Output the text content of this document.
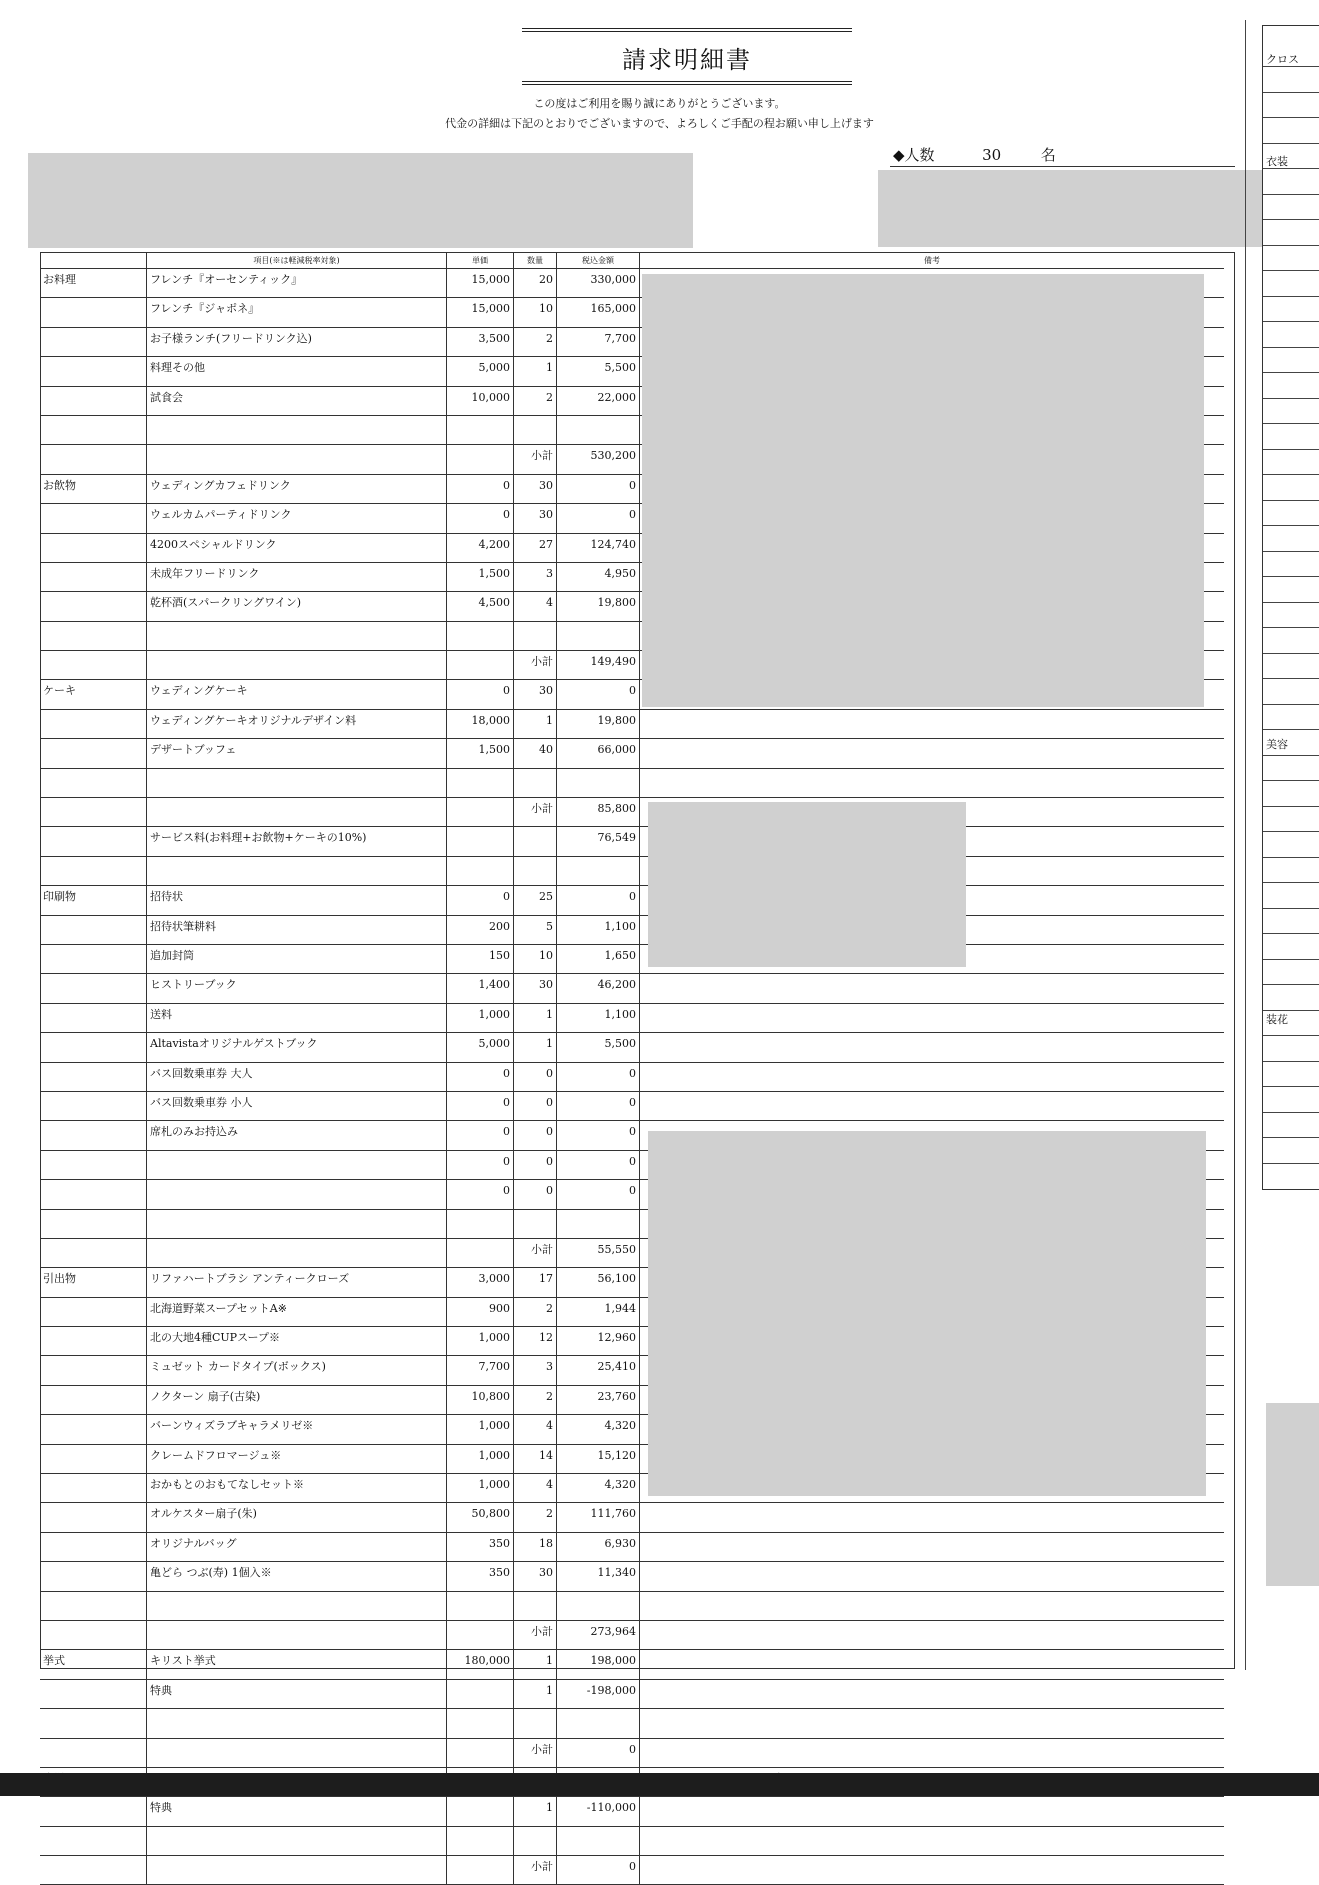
請求明細書
この度はご利用を賜り誠にありがとうございます。
代金の詳細は下記のとおりでございますので、よろしくご手配の程お願い申し上げます
◆人数	30	名
	項目(※は軽減税率対象)	単価	数量	税込金額	備考
お料理	フレンチ『オーセンティック』	15,000	20	330,000	
	フレンチ『ジャポネ』	15,000	10	165,000	
	お子様ランチ(フリードリンク込)	3,500	2	7,700	
	料理その他	5,000	1	5,500	
	試食会	10,000	2	22,000	

			小計	530,200	
お飲物	ウェディングカフェドリンク	0	30	0	
	ウェルカムパーティドリンク	0	30	0	
	4200スペシャルドリンク	4,200	27	124,740	
	未成年フリードリンク	1,500	3	4,950	
	乾杯酒(スパークリングワイン)	4,500	4	19,800	

			小計	149,490	
ケーキ	ウェディングケーキ	0	30	0	
	ウェディングケーキオリジナルデザイン料	18,000	1	19,800	
	デザートブッフェ	1,500	40	66,000	

			小計	85,800	
	サービス料(お料理+お飲物+ケーキの10%)			76,549	

印刷物	招待状	0	25	0	
	招待状筆耕料	200	5	1,100	
	追加封筒	150	10	1,650	
	ヒストリーブック	1,400	30	46,200	
	送料	1,000	1	1,100	
	Altavistaオリジナルゲストブック	5,000	1	5,500	
	バス回数乗車券 大人	0	0	0	
	バス回数乗車券 小人	0	0	0	
	席札のみお持込み	0	0	0	
		0	0	0	
		0	0	0	

			小計	55,550	
引出物	リファハートブラシ アンティークローズ	3,000	17	56,100	
	北海道野菜スープセットA※	900	2	1,944	
	北の大地4種CUPスープ※	1,000	12	12,960	
	ミュゼット カードタイプ(ボックス)	7,700	3	25,410	
	ノクターン 扇子(古染)	10,800	2	23,760	
	バーンウィズラブキャラメリゼ※	1,000	4	4,320	
	クレームドフロマージュ※	1,000	14	15,120	
	おかもとのおもてなしセット※	1,000	4	4,320	
	オルケスター扇子(朱)	50,800	2	111,760	
	オリジナルバッグ	350	18	6,930	
	亀どら つぶ(寿) 1個入※	350	30	11,340	

			小計	273,964	
挙式	キリスト挙式	180,000	1	198,000	
	特典		1	-198,000	

			小計	0	

	特典		1	-110,000	

			小計	0	
クロス
衣装
美容
装花
